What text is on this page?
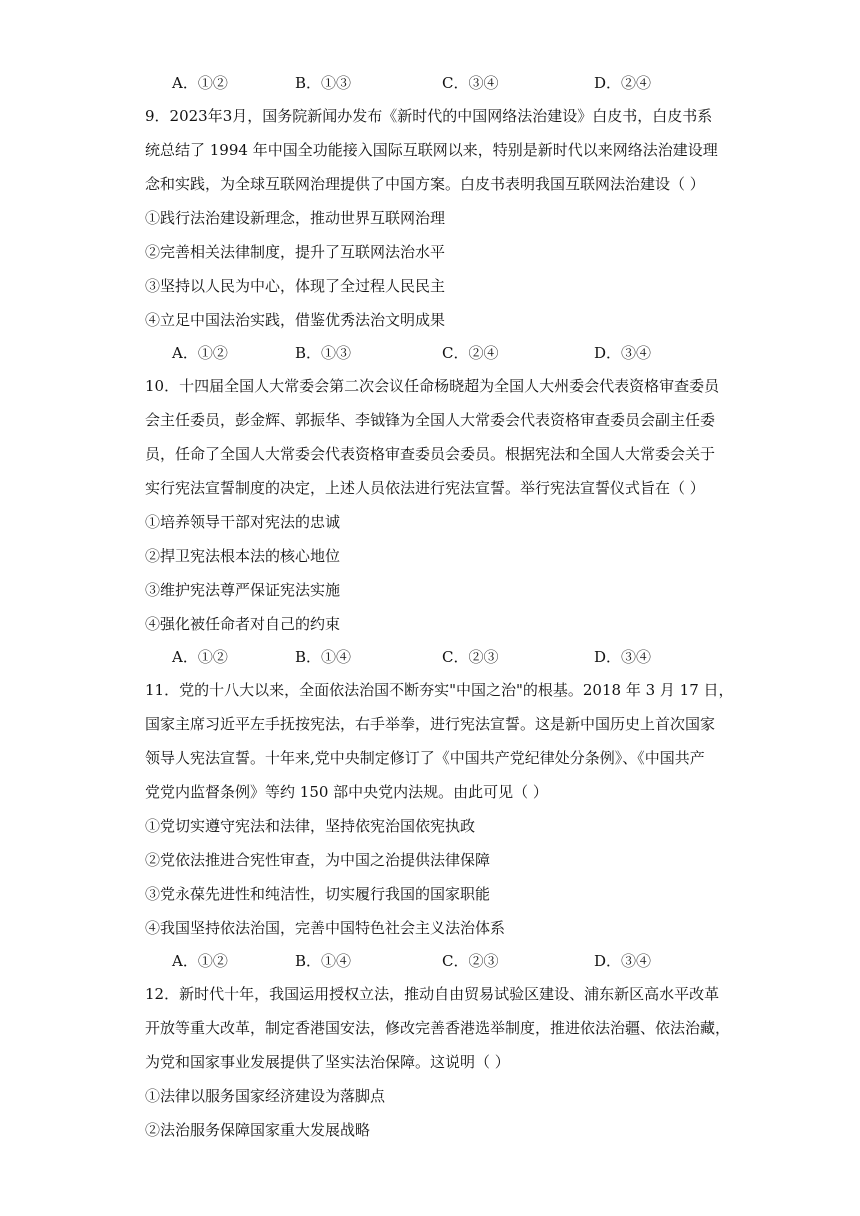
A．①②	B．①③	C．③④	D．②④
9．2023年3月，国务院新闻办发布《新时代的中国网络法治建设》白皮书，白皮书系
统总结了 1994 年中国全功能接入国际互联网以来，特别是新时代以来网络法治建设理
念和实践，为全球互联网治理提供了中国方案。白皮书表明我国互联网法治建设（ ）
①践行法治建设新理念，推动世界互联网治理
②完善相关法律制度，提升了互联网法治水平
③坚持以人民为中心，体现了全过程人民民主
④立足中国法治实践，借鉴优秀法治文明成果
A．①②	B．①③	C．②④	D．③④
10．十四届全国人大常委会第二次会议任命杨晓超为全国人大州委会代表资格审查委员
会主任委员，彭金辉、郭振华、李钺锋为全国人大常委会代表资格审查委员会副主任委
员，任命了全国人大常委会代表资格审查委员会委员。根据宪法和全国人大常委会关于
实行宪法宣誓制度的决定，上述人员依法进行宪法宣誓。举行宪法宣誓仪式旨在（ ）
①培养领导干部对宪法的忠诚
②捍卫宪法根本法的核心地位
③维护宪法尊严保证宪法实施
④强化被任命者对自己的约束
A．①②	B．①④	C．②③	D．③④
11．党的十八大以来，全面依法治国不断夯实"中国之治"的根基。2018 年 3 月 17 日，
国家主席习近平左手抚按宪法，右手举拳，进行宪法宣誓。这是新中国历史上首次国家
领导人宪法宣誓。十年来,党中央制定修订了《中国共产党纪律处分条例》、《中国共产
党党内监督条例》等约 150 部中央党内法规。由此可见（ ）
①党切实遵守宪法和法律，坚持依宪治国依宪执政
②党依法推进合宪性审查，为中国之治提供法律保障
③党永葆先进性和纯洁性，切实履行我国的国家职能
④我国坚持依法治国，完善中国特色社会主义法治体系
A．①②	B．①④	C．②③	D．③④
12．新时代十年，我国运用授权立法，推动自由贸易试验区建设、浦东新区高水平改革
开放等重大改革，制定香港国安法，修改完善香港选举制度，推进依法治疆、依法治藏，
为党和国家事业发展提供了坚实法治保障。这说明（ ）
①法律以服务国家经济建设为落脚点
②法治服务保障国家重大发展战略
